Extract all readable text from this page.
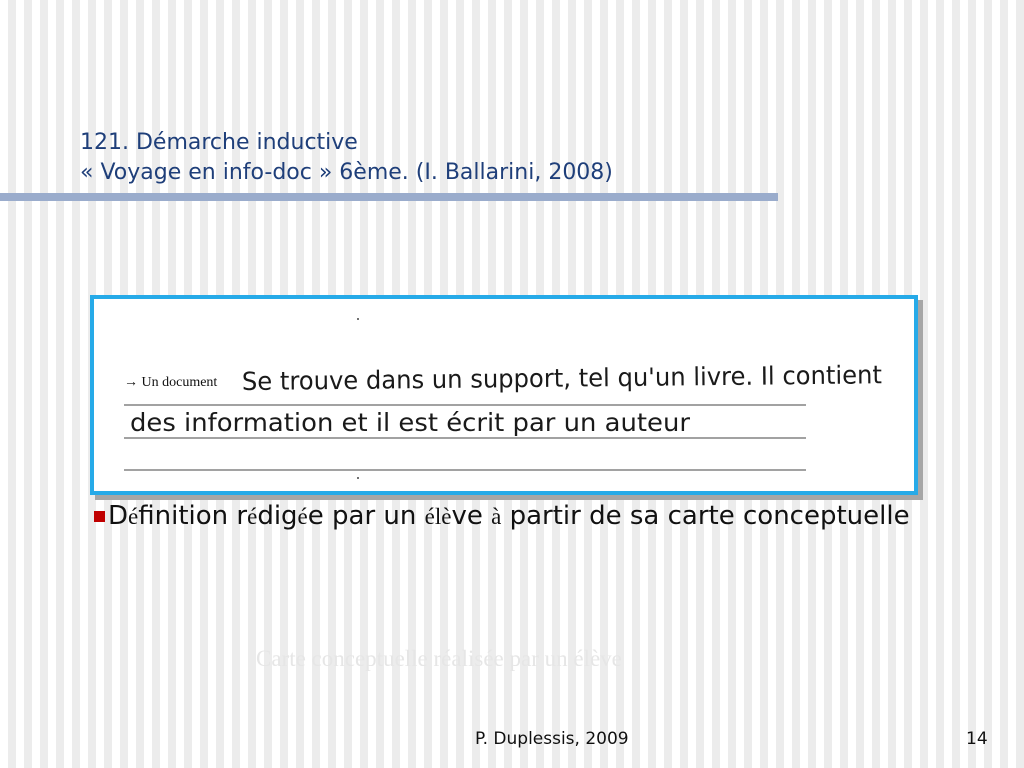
121. Démarche inductive
« Voyage en info-doc » 6ème. (I. Ballarini, 2008)
→ Un document Se trouve dans un support, tel qu'un livre. Il contient
des information et il est écrit par un auteur
Définition rédigée par un élève à partir de sa carte conceptuelle
Carte conceptuelle réalisée par un élève
P. Duplessis, 2009	14
